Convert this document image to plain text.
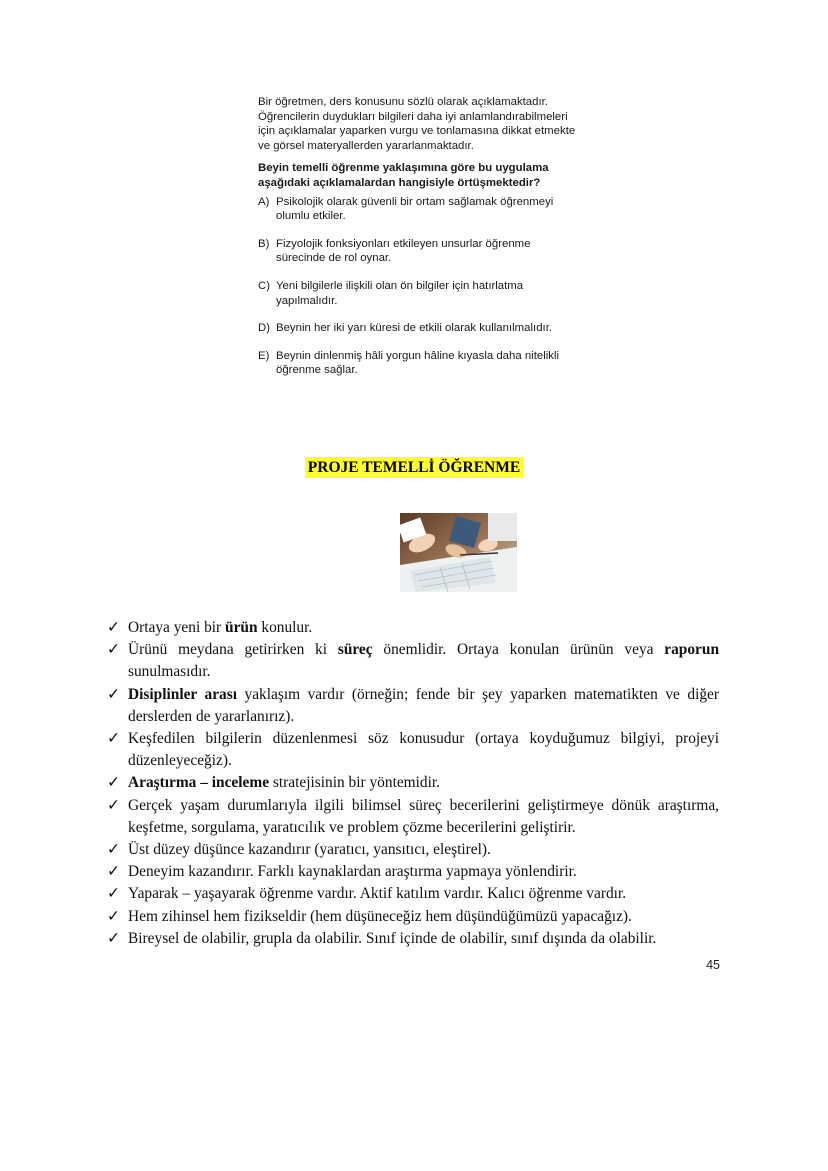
Bir öğretmen, ders konusunu sözlü olarak açıklamaktadır. Öğrencilerin duydukları bilgileri daha iyi anlamlandırabilmeleri için açıklamalar yaparken vurgu ve tonlamasına dikkat etmekte ve görsel materyallerden yararlanmaktadır.

Beyin temelli öğrenme yaklaşımına göre bu uygulama aşağıdaki açıklamalardan hangisiyle örtüşmektedir?

A) Psikolojik olarak güvenli bir ortam sağlamak öğrenmeyi olumlu etkiler.
B) Fizyolojik fonksiyonları etkileyen unsurlar öğrenme sürecinde de rol oynar.
C) Yeni bilgilerle ilişkili olan ön bilgiler için hatırlatma yapılmalıdır.
D) Beynin her iki yarı küresi de etkili olarak kullanılmalıdır.
E) Beynin dinlenmiş hâli yorgun hâline kıyasla daha nitelikli öğrenme sağlar.
PROJE TEMELLİ ÖĞRENME
✓ Ortaya yeni bir ürün konulur.
✓ Ürünü meydana getirirken ki süreç önemlidir. Ortaya konulan ürünün veya raporun sunulmasıdır.
✓ Disiplinler arası yaklaşım vardır (örneğin; fende bir şey yaparken matematikten ve diğer derslerden de yararlanırız).
✓ Keşfedilen bilgilerin düzenlenmesi söz konusudur (ortaya koyduğumuz bilgiyi, projeyi düzenleyeceğiz).
✓ Araştırma – inceleme stratejisinin bir yöntemidir.
✓ Gerçek yaşam durumlarıyla ilgili bilimsel süreç becerilerini geliştirmeye dönük araştırma, keşfetme, sorgulama, yaratıcılık ve problem çözme becerilerini geliştirir.
✓ Üst düzey düşünce kazandırır (yaratıcı, yansıtıcı, eleştirel).
✓ Deneyim kazandırır. Farklı kaynaklardan araştırma yapmaya yönlendirir.
✓ Yaparak – yaşayarak öğrenme vardır. Aktif katılım vardır. Kalıcı öğrenme vardır.
✓ Hem zihinsel hem fizikseldir (hem düşüneceğiz hem düşündüğümüzü yapacağız).
✓ Bireysel de olabilir, grupla da olabilir. Sınıf içinde de olabilir, sınıf dışında da olabilir.
45
